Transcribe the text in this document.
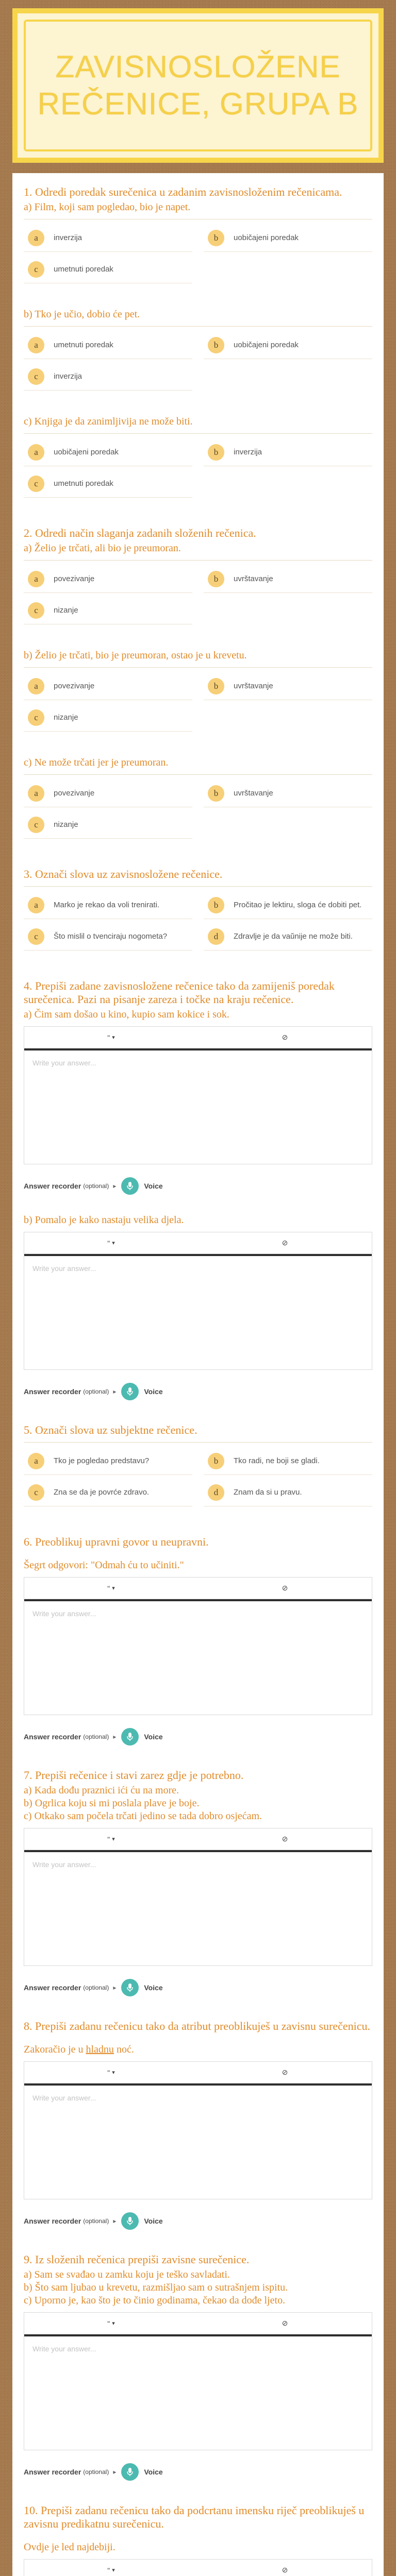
ZAVISNOSLOŽENE REČENICE, GRUPA B
1. Odredi poredak surečenica u zadanim zavisnosloženim rečenicama.
a) Film, koji sam pogledao, bio je napet.
a	inverzija	b	uobičajeni poredak
c	umetnuti poredak
b) Tko je učio, dobio će pet.
a	umetnuti poredak	b	uobičajeni poredak
c	inverzija
c) Knjiga je da zanimljivija ne može biti.
a	uobičajeni poredak	b	inverzija
c	umetnuti poredak
2. Odredi način slaganja zadanih složenih rečenica.
a) Želio je trčati, ali bio je preumoran.
a	povezivanje	b	uvrštavanje
c	nizanje
b) Želio je trčati, bio je preumoran, ostao je u krevetu.
a	povezivanje	b	uvrštavanje
c	nizanje
c) Ne može trčati jer je preumoran.
a	povezivanje	b	uvrštavanje
c	nizanje
3. Označi slova uz zavisnosložene rečenice.
a	Marko je rekao da voli trenirati.	b	Pročitao je lektiru, sloga će dobiti pet.
c	Što mislil o tvenciraju nogometa?	d	Zdravlje je da vaŭnije ne može biti.
4. Prepiši zadane zavisnosložene rečenice tako da zamijeniš poredak surečenica. Pazi na pisanje zareza i točke na kraju rečenice.
a) Čim sam došao u kino, kupio sam kokice i sok.
" ▾	⊘
Write your answer...
Answer recorder (optional) ▸	Voice
b) Pomalo je kako nastaju velika djela.
" ▾	⊘
Write your answer...
Answer recorder (optional) ▸	Voice
5. Označi slova uz subjektne rečenice.
a	Tko je pogledao predstavu?	b	Tko radi, ne boji se gladi.
c	Zna se da je povrće zdravo.	d	Znam da si u pravu.
6. Preoblikuj upravni govor u neupravni.
Šegrt odgovori: "Odmah ću to učiniti."
" ▾	⊘
Write your answer...
Answer recorder (optional) ▸	Voice
7. Prepiši rečenice i stavi zarez gdje je potrebno.
a) Kada dođu praznici ići ću na more.
b) Ogrlica koju si mi poslala plave je boje.
c) Otkako sam počela trčati jedino se tada dobro osjećam.
" ▾	⊘
Write your answer...
Answer recorder (optional) ▸	Voice
8. Prepiši zadanu rečenicu tako da atribut preoblikuješ u zavisnu surečenicu.
Zakoračio je u hladnu noć.
" ▾	⊘
Write your answer...
Answer recorder (optional) ▸	Voice
9. Iz složenih rečenica prepiši zavisne surečenice.
a) Sam se svađao u zamku koju je teško savladati.
b) Što sam ljubao u krevetu, razmišljao sam o sutrašnjem ispitu.
c) Uporno je, kao što je to činio godinama, čekao da dođe ljeto.
" ▾	⊘
Write your answer...
Answer recorder (optional) ▸	Voice
10. Prepiši zadanu rečenicu tako da podcrtanu imensku riječ preoblikuješ u zavisnu predikatnu surečenicu.
Ovdje je led najdebiji.
" ▾	⊘
